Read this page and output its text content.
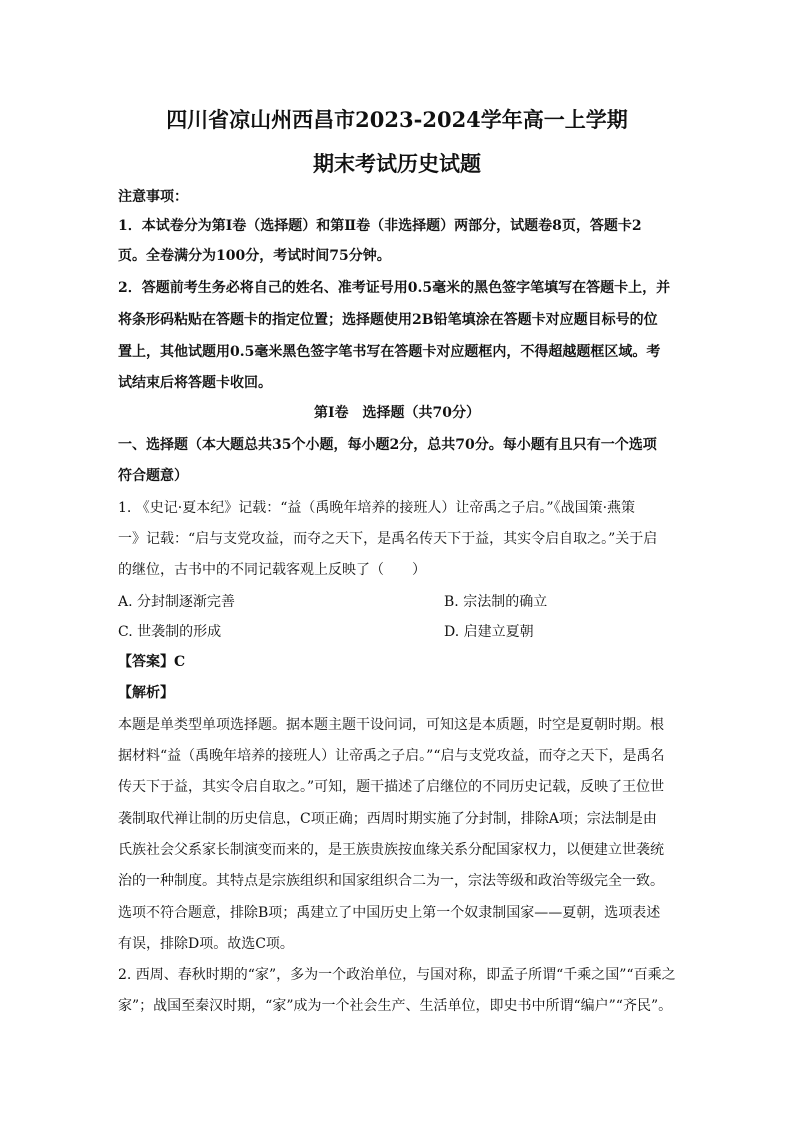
四川省凉山州西昌市2023-2024学年高一上学期
期末考试历史试题
注意事项：
1．本试卷分为第Ⅰ卷（选择题）和第Ⅱ卷（非选择题）两部分，试题卷8页，答题卡2
页。全卷满分为100分，考试时间75分钟。
2．答题前考生务必将自己的姓名、准考证号用0.5毫米的黑色签字笔填写在答题卡上，并
将条形码粘贴在答题卡的指定位置；选择题使用2B铅笔填涂在答题卡对应题目标号的位
置上，其他试题用0.5毫米黑色签字笔书写在答题卡对应题框内，不得超越题框区域。考
试结束后将答题卡收回。
第Ⅰ卷　选择题（共70分）
一、选择题（本大题总共35个小题，每小题2分，总共70分。每小题有且只有一个选项
符合题意）
1. 《史记·夏本纪》记载：“益（禹晚年培养的接班人）让帝禹之子启。”《战国策·燕策
一》记载：“启与支党攻益，而夺之天下，是禹名传天下于益，其实令启自取之。”关于启
的继位，古书中的不同记载客观上反映了（　　）
A. 分封制逐渐完善	B. 宗法制的确立
C. 世袭制的形成	D. 启建立夏朝
【答案】C
【解析】
本题是单类型单项选择题。据本题主题干设问词，可知这是本质题，时空是夏朝时期。根
据材料“益（禹晚年培养的接班人）让帝禹之子启。”“启与支党攻益，而夺之天下，是禹名
传天下于益，其实令启自取之。”可知，题干描述了启继位的不同历史记载，反映了王位世
袭制取代禅让制的历史信息，C项正确；西周时期实施了分封制，排除A项；宗法制是由
氏族社会父系家长制演变而来的，是王族贵族按血缘关系分配国家权力，以便建立世袭统
治的一种制度。其特点是宗族组织和国家组织合二为一，宗法等级和政治等级完全一致。
选项不符合题意，排除B项；禹建立了中国历史上第一个奴隶制国家——夏朝，选项表述
有误，排除D项。故选C项。
2. 西周、春秋时期的“家”，多为一个政治单位，与国对称，即孟子所谓“千乘之国”“百乘之
家”；战国至秦汉时期，“家”成为一个社会生产、生活单位，即史书中所谓“编户”“齐民”。
